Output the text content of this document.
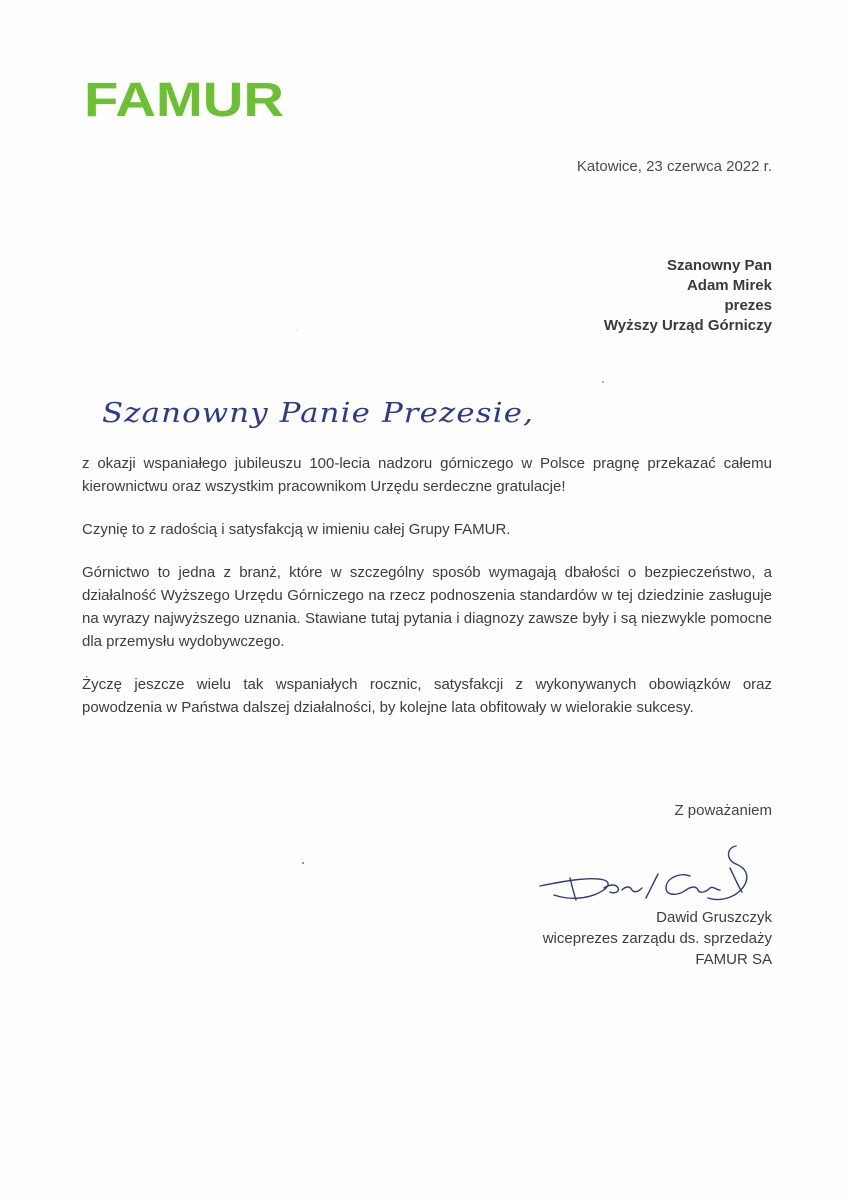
FAMUR
Katowice, 23 czerwca 2022 r.
Szanowny Pan
Adam Mirek
prezes
Wyższy Urząd Górniczy
Szanowny Panie Prezesie,

z okazji wspaniałego jubileuszu 100-lecia nadzoru górniczego w Polsce pragnę przekazać całemu kierownictwu oraz wszystkim pracownikom Urzędu serdeczne gratulacje!

Czynię to z radością i satysfakcją w imieniu całej Grupy FAMUR.

Górnictwo to jedna z branż, które w szczególny sposób wymagają dbałości o bezpieczeństwo, a działalność Wyższego Urzędu Górniczego na rzecz podnoszenia standardów w tej dziedzinie zasługuje na wyrazy najwyższego uznania. Stawiane tutaj pytania i diagnozy zawsze były i są niezwykle pomocne dla przemysłu wydobywczego.

Życzę jeszcze wielu tak wspaniałych rocznic, satysfakcji z wykonywanych obowiązków oraz powodzenia w Państwa dalszej działalności, by kolejne lata obfitowały w wielorakie sukcesy.

Z poważaniem
Dawid Gruszczyk
wiceprezes zarządu ds. sprzedaży
FAMUR SA
